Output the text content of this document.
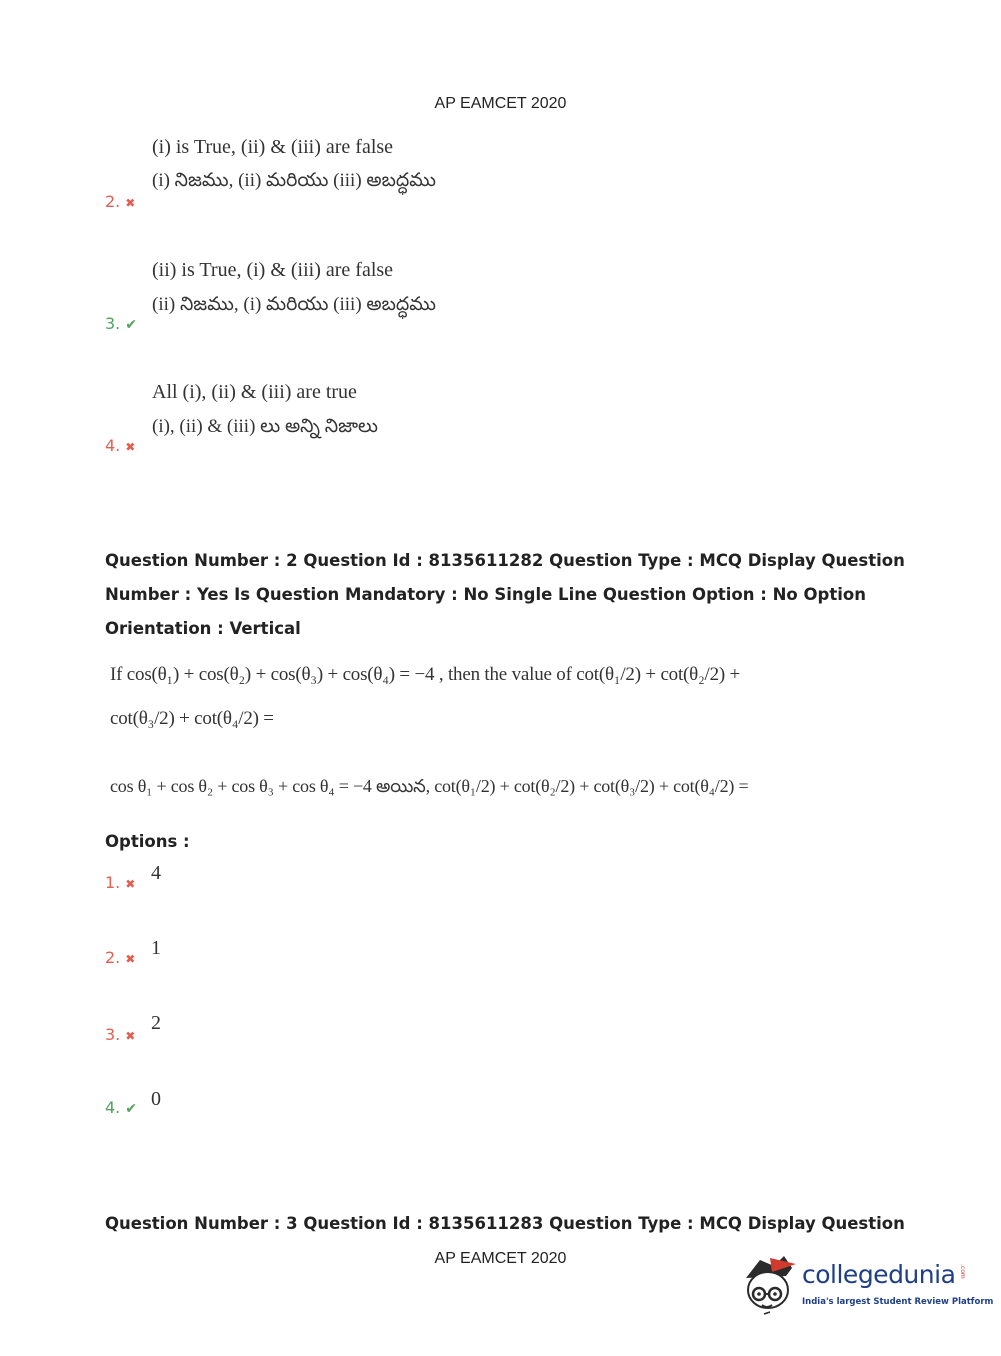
AP EAMCET 2020
(i) is True, (ii) & (iii) are false
(i) నిజము, (ii) మరియు (iii) అబద్ధము
2. ✖
(ii) is True, (i) & (iii) are false
(ii) నిజము, (i) మరియు (iii) అబద్ధము
3. ✔
All (i), (ii) & (iii) are true
(i), (ii) & (iii) లు అన్ని నిజాలు
4. ✖
Question Number : 2 Question Id : 8135611282 Question Type : MCQ Display Question
Number : Yes Is Question Mandatory : No Single Line Question Option : No Option
Orientation : Vertical
If cos(θ₁) + cos(θ₂) + cos(θ₃) + cos(θ₄) = −4 , then the value of cot(θ₁/2) + cot(θ₂/2) +
cot(θ₃/2) + cot(θ₄/2) =
cos θ₁ + cos θ₂ + cos θ₃ + cos θ₄ = −4 అయిన, cot(θ₁/2) + cot(θ₂/2) + cot(θ₃/2) + cot(θ₄/2) =
Options :
1. ✖ 4
2. ✖ 1
3. ✖
2
4. ✔ 0
Question Number : 3 Question Id : 8135611283 Question Type : MCQ Display Question
AP EAMCET 2020
collegedunia .com
India's largest Student Review Platform
